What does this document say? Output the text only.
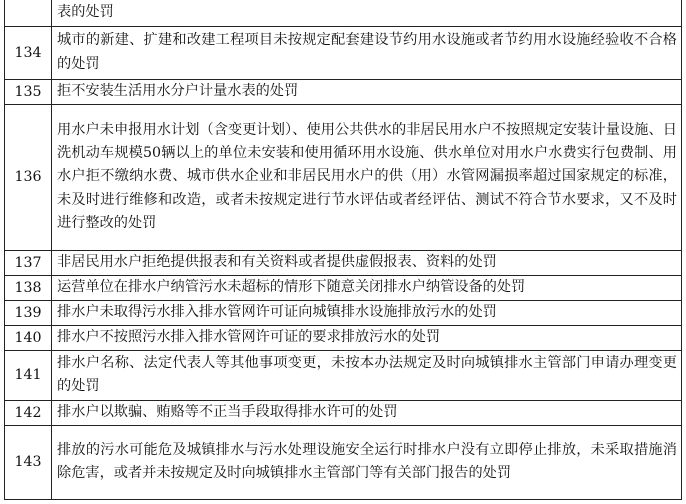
	表的处罚
134	城市的新建、扩建和改建工程项目未按规定配套建设节约用水设施或者节约用水设施经验收不合格的处罚
135	拒不安装生活用水分户计量水表的处罚
136	用水户未申报用水计划（含变更计划）、使用公共供水的非居民用水户不按照规定安装计量设施、日洗机动车规模50辆以上的单位未安装和使用循环用水设施、供水单位对用水户水费实行包费制、用水户拒不缴纳水费、城市供水企业和非居民用水户的供（用）水管网漏损率超过国家规定的标准，未及时进行维修和改造，或者未按规定进行节水评估或者经评估、测试不符合节水要求，又不及时进行整改的处罚
137	非居民用水户拒绝提供报表和有关资料或者提供虚假报表、资料的处罚
138	运营单位在排水户纳管污水未超标的情形下随意关闭排水户纳管设备的处罚
139	排水户未取得污水排入排水管网许可证向城镇排水设施排放污水的处罚
140	排水户不按照污水排入排水管网许可证的要求排放污水的处罚
141	排水户名称、法定代表人等其他事项变更，未按本办法规定及时向城镇排水主管部门申请办理变更的处罚
142	排水户以欺骗、贿赂等不正当手段取得排水许可的处罚
143	排放的污水可能危及城镇排水与污水处理设施安全运行时排水户没有立即停止排放，未采取措施消除危害，或者并未按规定及时向城镇排水主管部门等有关部门报告的处罚
